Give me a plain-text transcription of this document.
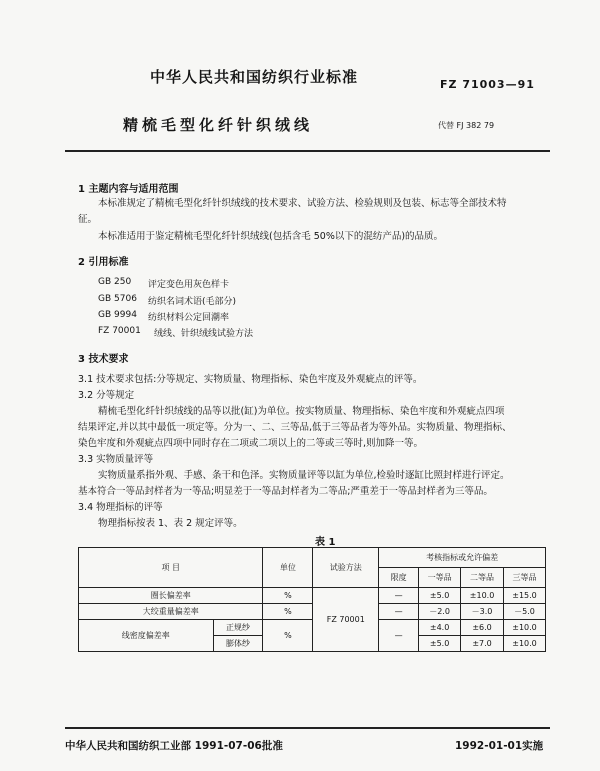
中华人民共和国纺织行业标准	FZ 71003—91
精梳毛型化纤针织绒线	代替 FJ 382 79
1 主题内容与适用范围
本标准规定了精梳毛型化纤针织绒线的技术要求、试验方法、检验规则及包装、标志等全部技术特
征。
本标准适用于鉴定精梳毛型化纤针织绒线(包括含毛 50%以下的混纺产品)的品质。
2 引用标准
GB 250 评定变色用灰色样卡
GB 5706 纺织名词术语(毛部分)
GB 9994 纺织材料公定回潮率
FZ 70001 绒线、针织绒线试验方法
3 技术要求
3.1 技术要求包括:分等规定、实物质量、物理指标、染色牢度及外观疵点的评等。
3.2 分等规定
精梳毛型化纤针织绒线的品等以批(缸)为单位。按实物质量、物理指标、染色牢度和外观疵点四项
结果评定,并以其中最低一项定等。分为一、二、三等品,低于三等品者为等外品。实物质量、物理指标、
染色牢度和外观疵点四项中同时存在二项或二项以上的二等或三等时,则加降一等。
3.3 实物质量评等
实物质量系指外观、手感、条干和色泽。实物质量评等以缸为单位,检验时逐缸比照封样进行评定。
基本符合一等品封样者为一等品;明显差于一等品封样者为二等品;严重差于一等品封样者为三等品。
3.4 物理指标的评等
物理指标按表 1、表 2 规定评等。
表 1
项 目		单位	试验方法	考核指标或允许偏差			
				限度	一等品	二等品	三等品
圈长偏差率		%	FZ 70001	—	±5.0	±10.0	±15.0
大绞重量偏差率		%		—	－2.0	－3.0	－5.0
线密度偏差率	正规纱	%		—	±4.0	±6.0	±10.0
	膨体纱				±5.0	±7.0	±10.0
中华人民共和国纺织工业部 1991-07-06批准	1992-01-01实施
